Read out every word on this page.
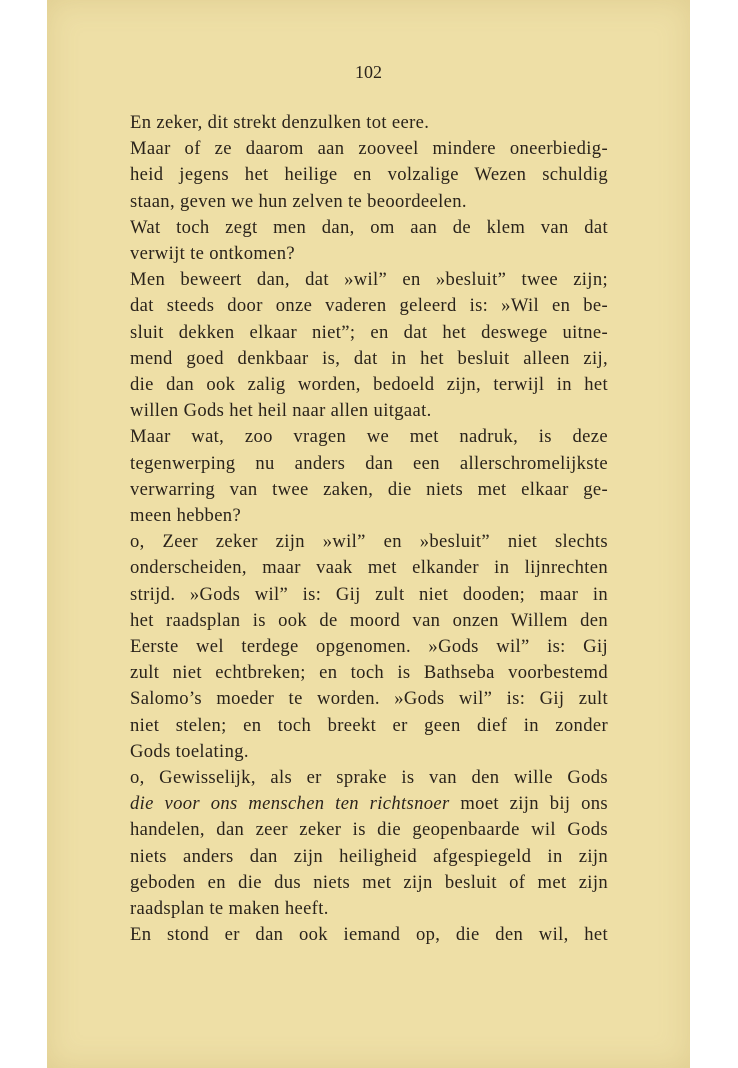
102

En zeker, dit strekt denzulken tot eere.

Maar of ze daarom aan zooveel mindere oneerbiedig-
heid jegens het heilige en volzalige Wezen schuldig
staan, geven we hun zelven te beoordeelen.

Wat toch zegt men dan, om aan de klem van dat
verwijt te ontkomen?

Men beweert dan, dat »wil” en »besluit” twee zijn;
dat steeds door onze vaderen geleerd is: »Wil en be-
sluit dekken elkaar niet”; en dat het deswege uitne-
mend goed denkbaar is, dat in het besluit alleen zij,
die dan ook zalig worden, bedoeld zijn, terwijl in het
willen Gods het heil naar allen uitgaat.

Maar wat, zoo vragen we met nadruk, is deze
tegenwerping nu anders dan een allerschromelijkste
verwarring van twee zaken, die niets met elkaar ge-
meen hebben?

o, Zeer zeker zijn »wil” en »besluit” niet slechts
onderscheiden, maar vaak met elkander in lijnrechten
strijd. »Gods wil” is: Gij zult niet dooden; maar in
het raadsplan is ook de moord van onzen Willem den
Eerste wel terdege opgenomen. »Gods wil” is: Gij
zult niet echtbreken; en toch is Bathseba voorbestemd
Salomo’s moeder te worden. »Gods wil” is: Gij zult
niet stelen; en toch breekt er geen dief in zonder
Gods toelating.

o, Gewisselijk, als er sprake is van den wille Gods
die voor ons menschen ten richtsnoer moet zijn bij ons
handelen, dan zeer zeker is die geopenbaarde wil Gods
niets anders dan zijn heiligheid afgespiegeld in zijn
geboden en die dus niets met zijn besluit of met zijn
raadsplan te maken heeft.

En stond er dan ook iemand op, die den wil, het
